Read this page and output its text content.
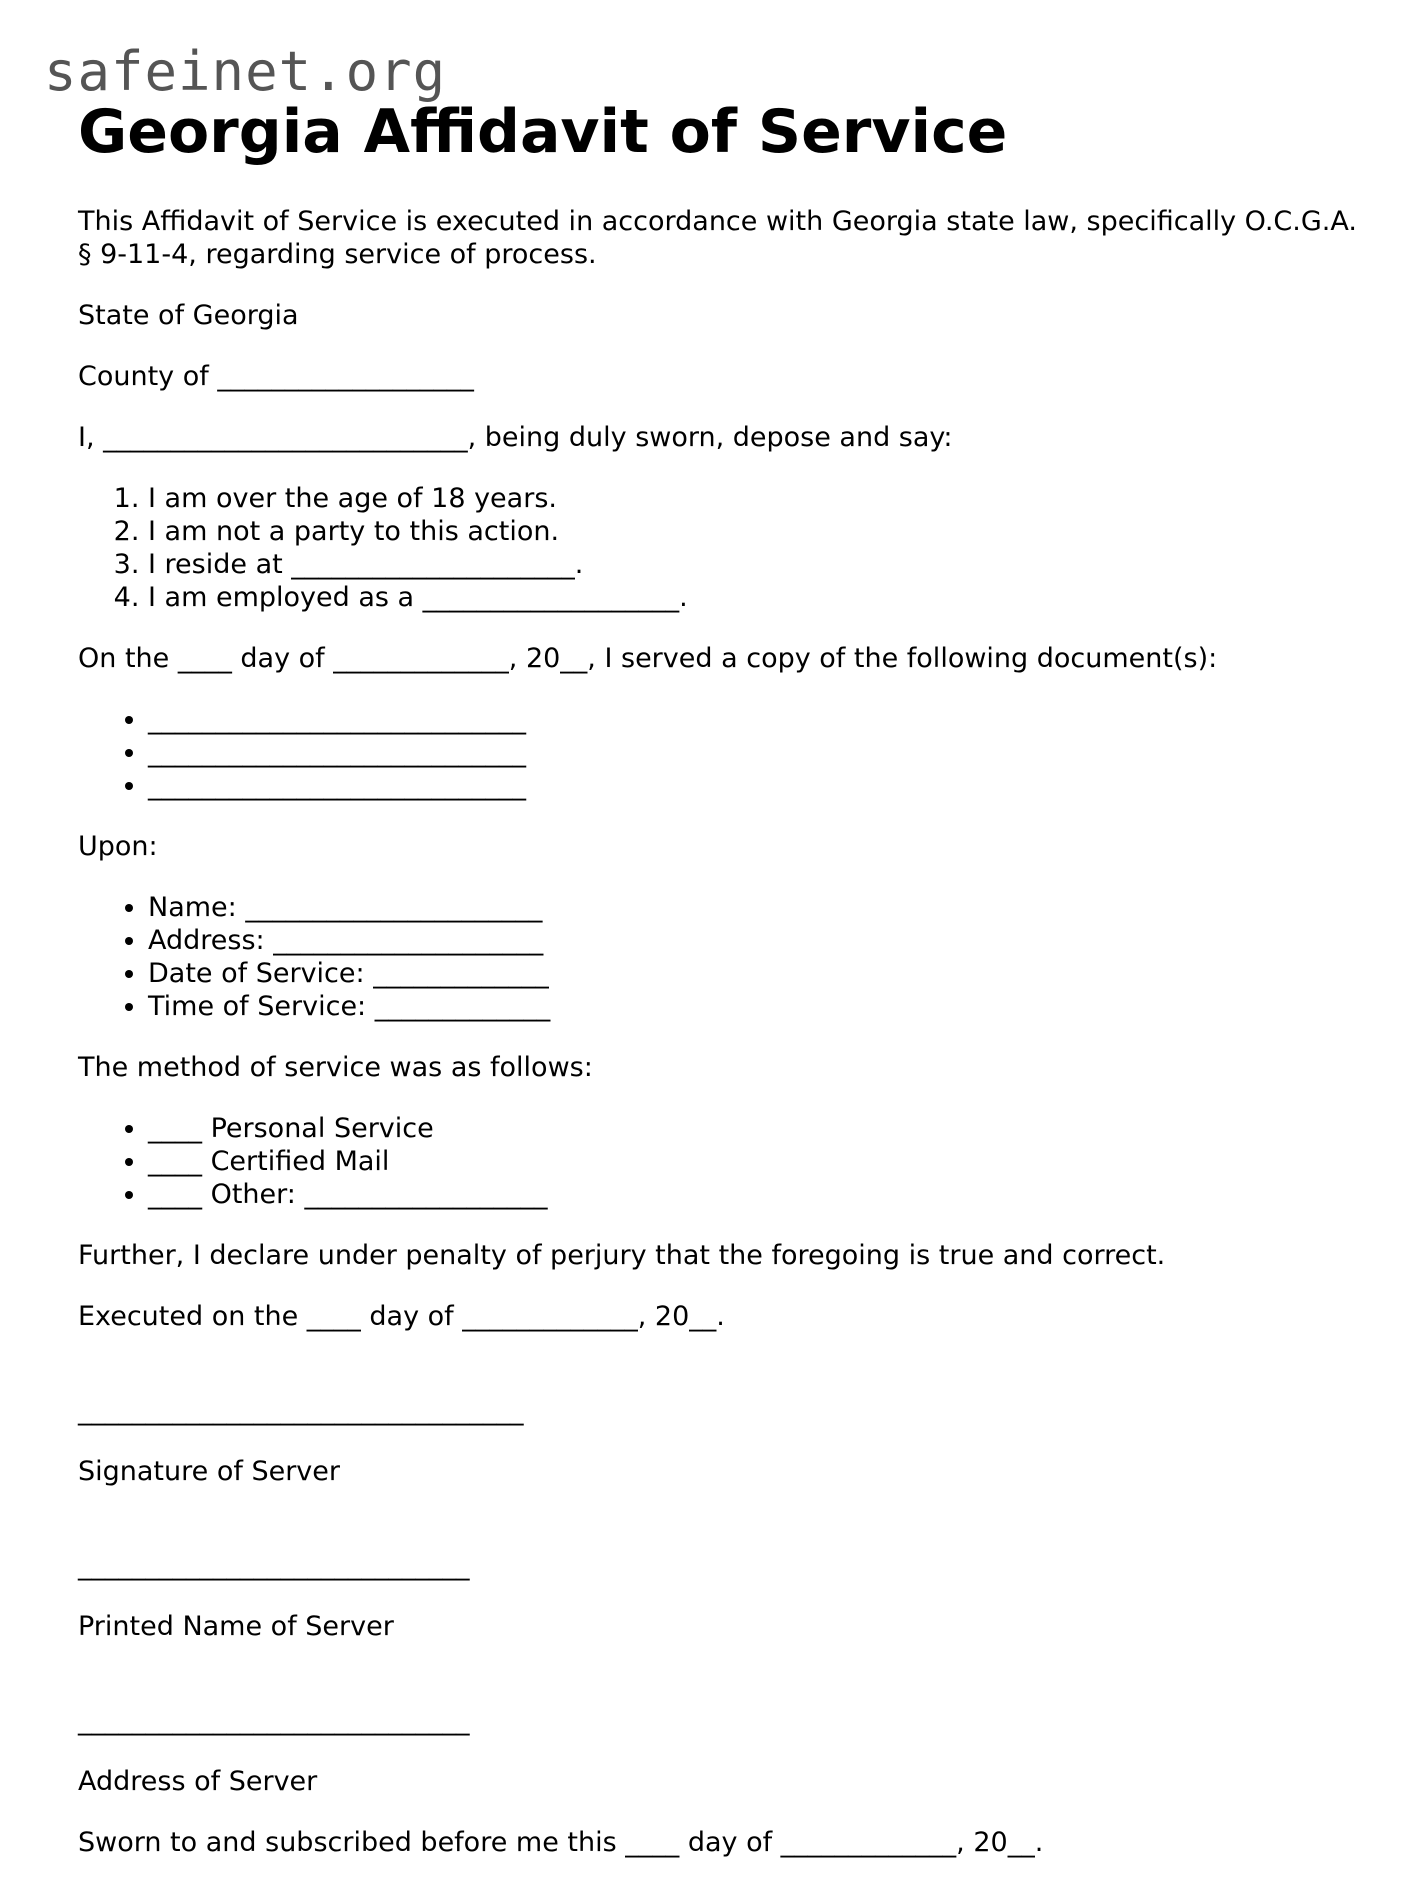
safeinet.org
Georgia Affidavit of Service

This Affidavit of Service is executed in accordance with Georgia state law, specifically O.C.G.A. § 9-11-4, regarding service of process.

State of Georgia

County of ___________________

I, ___________________________, being duly sworn, depose and say:

1. I am over the age of 18 years.
2. I am not a party to this action.
3. I reside at _____________________.
4. I am employed as a ___________________.

On the ____ day of _____________, 20__, I served a copy of the following document(s):

• ____________________________
• ____________________________
• ____________________________

Upon:

• Name: ______________________
• Address: ____________________
• Date of Service: _____________
• Time of Service: _____________

The method of service was as follows:

• ____ Personal Service
• ____ Certified Mail
• ____ Other: __________________

Further, I declare under penalty of perjury that the foregoing is true and correct.

Executed on the ____ day of _____________, 20__.

_________________________________

Signature of Server

_____________________________

Printed Name of Server

_____________________________

Address of Server

Sworn to and subscribed before me this ____ day of _____________, 20__.
